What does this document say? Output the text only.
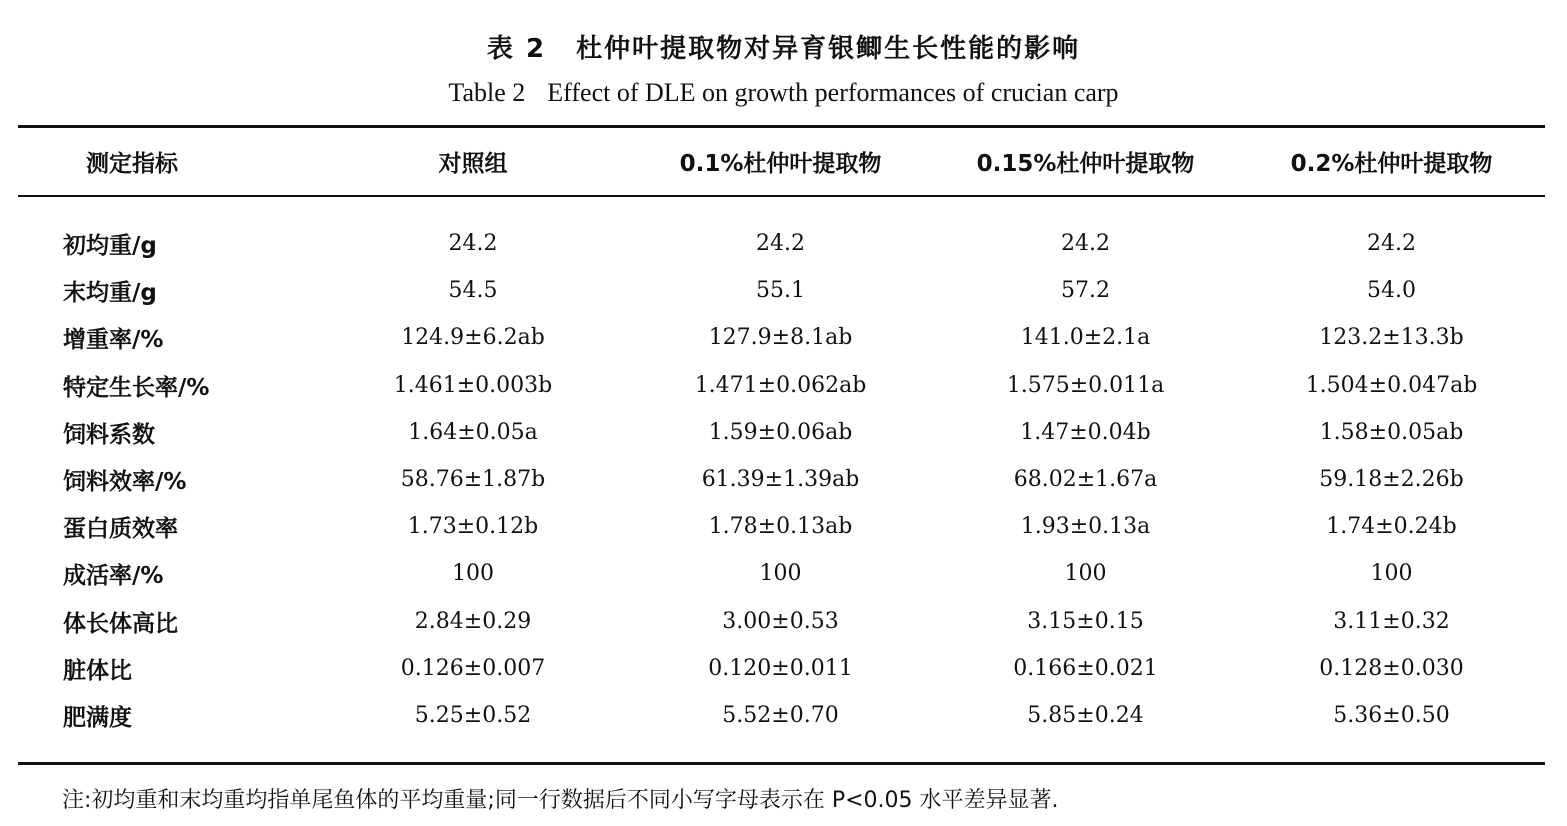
表 2 杜仲叶提取物对异育银鲫生长性能的影响
Table 2 Effect of DLE on growth performances of crucian carp
测定指标	对照组	0.1%杜仲叶提取物	0.15%杜仲叶提取物	0.2%杜仲叶提取物
初均重/g	24.2	24.2	24.2	24.2
末均重/g	54.5	55.1	57.2	54.0
增重率/%	124.9±6.2ab	127.9±8.1ab	141.0±2.1a	123.2±13.3b
特定生长率/%	1.461±0.003b	1.471±0.062ab	1.575±0.011a	1.504±0.047ab
饲料系数	1.64±0.05a	1.59±0.06ab	1.47±0.04b	1.58±0.05ab
饲料效率/%	58.76±1.87b	61.39±1.39ab	68.02±1.67a	59.18±2.26b
蛋白质效率	1.73±0.12b	1.78±0.13ab	1.93±0.13a	1.74±0.24b
成活率/%	100	100	100	100
体长体高比	2.84±0.29	3.00±0.53	3.15±0.15	3.11±0.32
脏体比	0.126±0.007	0.120±0.011	0.166±0.021	0.128±0.030
肥满度	5.25±0.52	5.52±0.70	5.85±0.24	5.36±0.50
注:初均重和末均重均指单尾鱼体的平均重量;同一行数据后不同小写字母表示在 P<0.05 水平差异显著.
